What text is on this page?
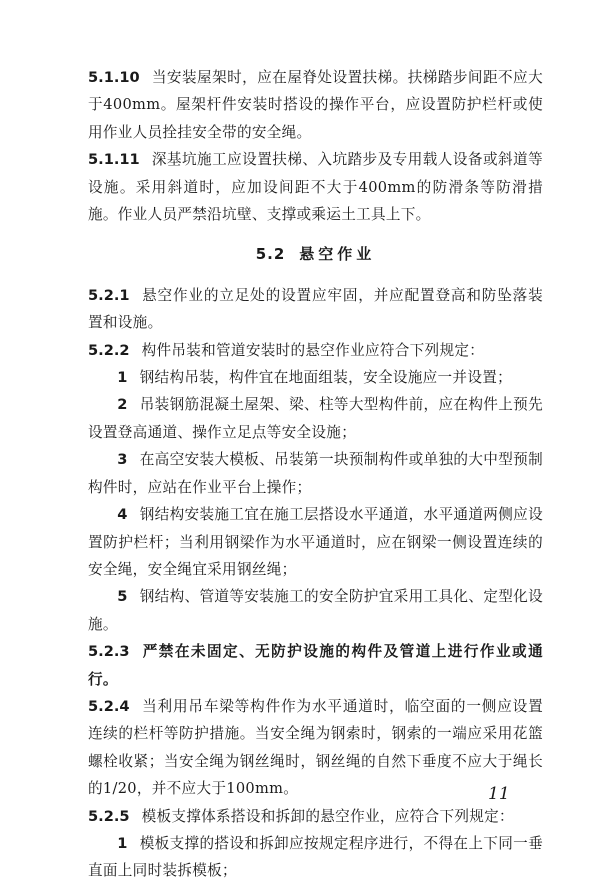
5.1.10 当安装屋架时，应在屋脊处设置扶梯。扶梯踏步间距不应大于400mm。屋架杆件安装时搭设的操作平台，应设置防护栏杆或使用作业人员拴挂安全带的安全绳。

5.1.11 深基坑施工应设置扶梯、入坑踏步及专用载人设备或斜道等设施。采用斜道时，应加设间距不大于400mm的防滑条等防滑措施。作业人员严禁沿坑壁、支撑或乘运土工具上下。

5.2 悬空作业

5.2.1 悬空作业的立足处的设置应牢固，并应配置登高和防坠落装置和设施。

5.2.2 构件吊装和管道安装时的悬空作业应符合下列规定：

1 钢结构吊装，构件宜在地面组装，安全设施应一并设置；

2 吊装钢筋混凝土屋架、梁、柱等大型构件前，应在构件上预先设置登高通道、操作立足点等安全设施；

3 在高空安装大模板、吊装第一块预制构件或单独的大中型预制构件时，应站在作业平台上操作；

4 钢结构安装施工宜在施工层搭设水平通道，水平通道两侧应设置防护栏杆；当利用钢梁作为水平通道时，应在钢梁一侧设置连续的安全绳，安全绳宜采用钢丝绳；

5 钢结构、管道等安装施工的安全防护宜采用工具化、定型化设施。

5.2.3 严禁在未固定、无防护设施的构件及管道上进行作业或通行。

5.2.4 当利用吊车梁等构件作为水平通道时，临空面的一侧应设置连续的栏杆等防护措施。当安全绳为钢索时，钢索的一端应采用花篮螺栓收紧；当安全绳为钢丝绳时，钢丝绳的自然下垂度不应大于绳长的1/20，并不应大于100mm。

5.2.5 模板支撑体系搭设和拆卸的悬空作业，应符合下列规定：

1 模板支撑的搭设和拆卸应按规定程序进行，不得在上下同一垂直面上同时装拆模板；

11
